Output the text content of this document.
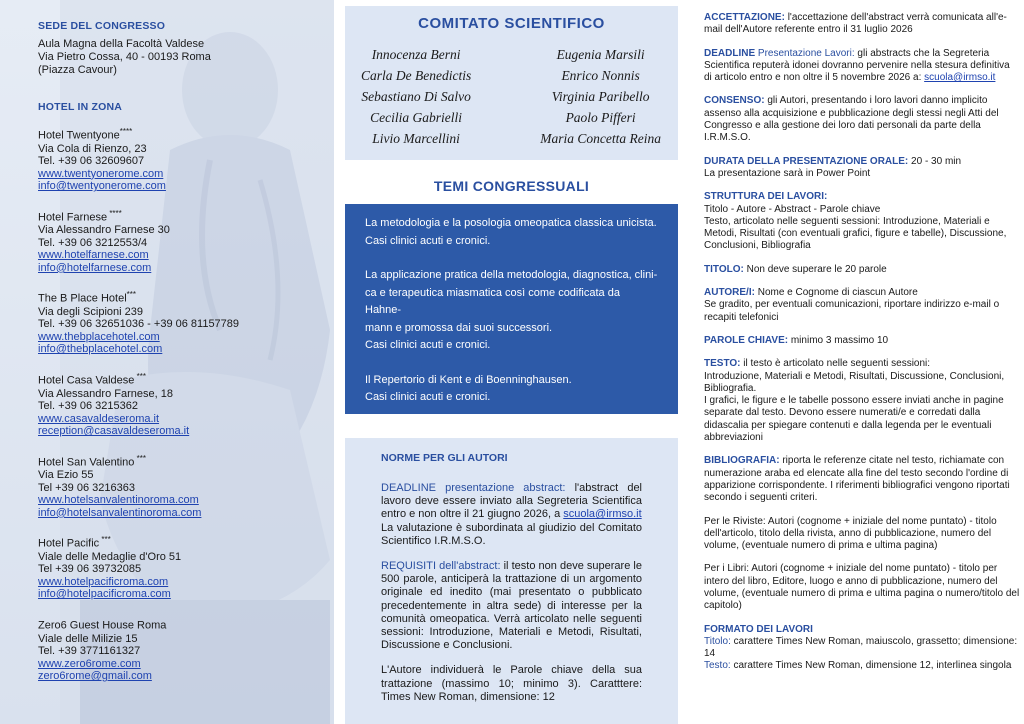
SEDE DEL CONGRESSO

Aula Magna della Facoltà Valdese

Via Pietro Cossa, 40 - 00193 Roma

(Piazza Cavour)

HOTEL IN ZONA
Hotel Twentyone****
Via Cola di Rienzo, 23
Tel. +39 06 32609607
www.twentyonerome.com
info@twentyonerome.com
Hotel Farnese ****
Via Alessandro Farnese 30
Tel. +39 06 3212553/4
www.hotelfarnese.com
info@hotelfarnese.com
The B Place Hotel***
Via degli Scipioni 239
Tel. +39 06 32651036 - +39 06 81157789
www.thebplacehotel.com
info@thebplacehotel.com
Hotel Casa Valdese ***
Via Alessandro Farnese, 18
Tel. +39 06 3215362
www.casavaldeseroma.it
reception@casavaldeseroma.it
Hotel San Valentino ***
Via Ezio 55
Tel +39 06 3216363
www.hotelsanvalentinoroma.com
info@hotelsanvalentinoroma.com
Hotel Pacific ***
Viale delle Medaglie d'Oro 51
Tel +39 06 39732085
www.hotelpacificroma.com
info@hotelpacificroma.com
Zero6 Guest House Roma
Viale delle Milizie 15
Tel. +39 3771161327
www.zero6rome.com
zero6rome@gmail.com
COMITATO SCIENTIFICO
Innocenza Berni
Carla De Benedictis
Sebastiano Di Salvo
Cecilia Gabrielli
Livio Marcellini
Eugenia Marsili
Enrico Nonnis
Virginia Paribello
Paolo Pifferi
Maria Concetta Reina
TEMI CONGRESSUALI

La metodologia e la posologia omeopatica classica unicista.

Casi clinici acuti e cronici.

La applicazione pratica della metodologia, diagnostica, clini-

ca e terapeutica miasmatica così come codificata da Hahne-

mann e promossa dai suoi successori.

Casi clinici acuti e cronici.

Il Repertorio di Kent e di Boenninghausen.

Casi clinici acuti e cronici.

NORME PER GLI AUTORI

DEADLINE presentazione abstract: l'abstract del lavoro deve essere inviato alla Segreteria Scientifica entro e non oltre il 21 giugno 2026, a scuola@irmso.it

La valutazione è subordinata al giudizio del Comitato Scientifico I.R.M.S.O.

REQUISITI dell'abstract: il testo non deve superare le 500 parole, anticiperà la trattazione di un argomento originale ed inedito (mai presentato o pubblicato precedentemente in altra sede) di interesse per la comunità omeopatica. Verrà articolato nelle seguenti sessioni: Introduzione, Materiali e Metodi, Risultati, Discussione e Conclusioni.

L'Autore individuerà le Parole chiave della sua trattazione (massimo 10; minimo 3). Caratttere: Times New Roman, dimensione: 12

ACCETTAZIONE: l'accettazione dell'abstract verrà comunicata all'e-mail dell'Autore referente entro il 31 luglio 2026

DEADLINE Presentazione Lavori: gli abstracts che la Segreteria Scientifica reputerà idonei dovranno pervenire nella stesura definitiva di articolo entro e non oltre il 5 novembre 2026 a: scuola@irmso.it

CONSENSO: gli Autori, presentando i loro lavori danno implicito assenso alla acquisizione e pubblicazione degli stessi negli Atti del Congresso e alla gestione dei loro dati personali da parte della I.R.M.S.O.

DURATA DELLA PRESENTAZIONE ORALE: 20 - 30 min

La presentazione sarà in Power Point

STRUTTURA DEI LAVORI:

Titolo - Autore - Abstract - Parole chiave

Testo, articolato nelle seguenti sessioni: Introduzione, Materiali e Metodi, Risultati (con eventuali grafici, figure e tabelle), Discussione, Conclusioni, Bibliografia

TITOLO: Non deve superare le 20 parole

AUTORE/I: Nome e Cognome di ciascun Autore

Se gradito, per eventuali comunicazioni, riportare indirizzo e-mail o recapiti telefonici

PAROLE CHIAVE: minimo 3 massimo 10

TESTO: il testo è articolato nelle seguenti sessioni:

Introduzione, Materiali e Metodi, Risultati, Discussione, Conclusioni, Bibliografia.

I grafici, le figure e le tabelle possono essere inviati anche in pagine separate dal testo. Devono essere numerati/e e corredati dalla didascalia per spiegare contenuti e dalla legenda per le eventuali abbreviazioni

BIBLIOGRAFIA: riporta le referenze citate nel testo, richiamate con numerazione araba ed elencate alla fine del testo secondo l'ordine di apparizione corrispondente. I riferimenti bibliografici vengono riportati secondo i seguenti criteri.

Per le Riviste: Autori (cognome + iniziale del nome puntato) - titolo dell'articolo, titolo della rivista, anno di pubblicazione, numero del volume, (eventuale numero di prima e ultima pagina)

Per i Libri: Autori (cognome + iniziale del nome puntato) - titolo per intero del libro, Editore, luogo e anno di pubblicazione, numero del volume, (eventuale numero di prima e ultima pagina o numero/titolo del capitolo)

FORMATO DEI LAVORI

Titolo: carattere Times New Roman, maiuscolo, grassetto; dimensione: 14

Testo: carattere Times New Roman, dimensione 12, interlinea singola
